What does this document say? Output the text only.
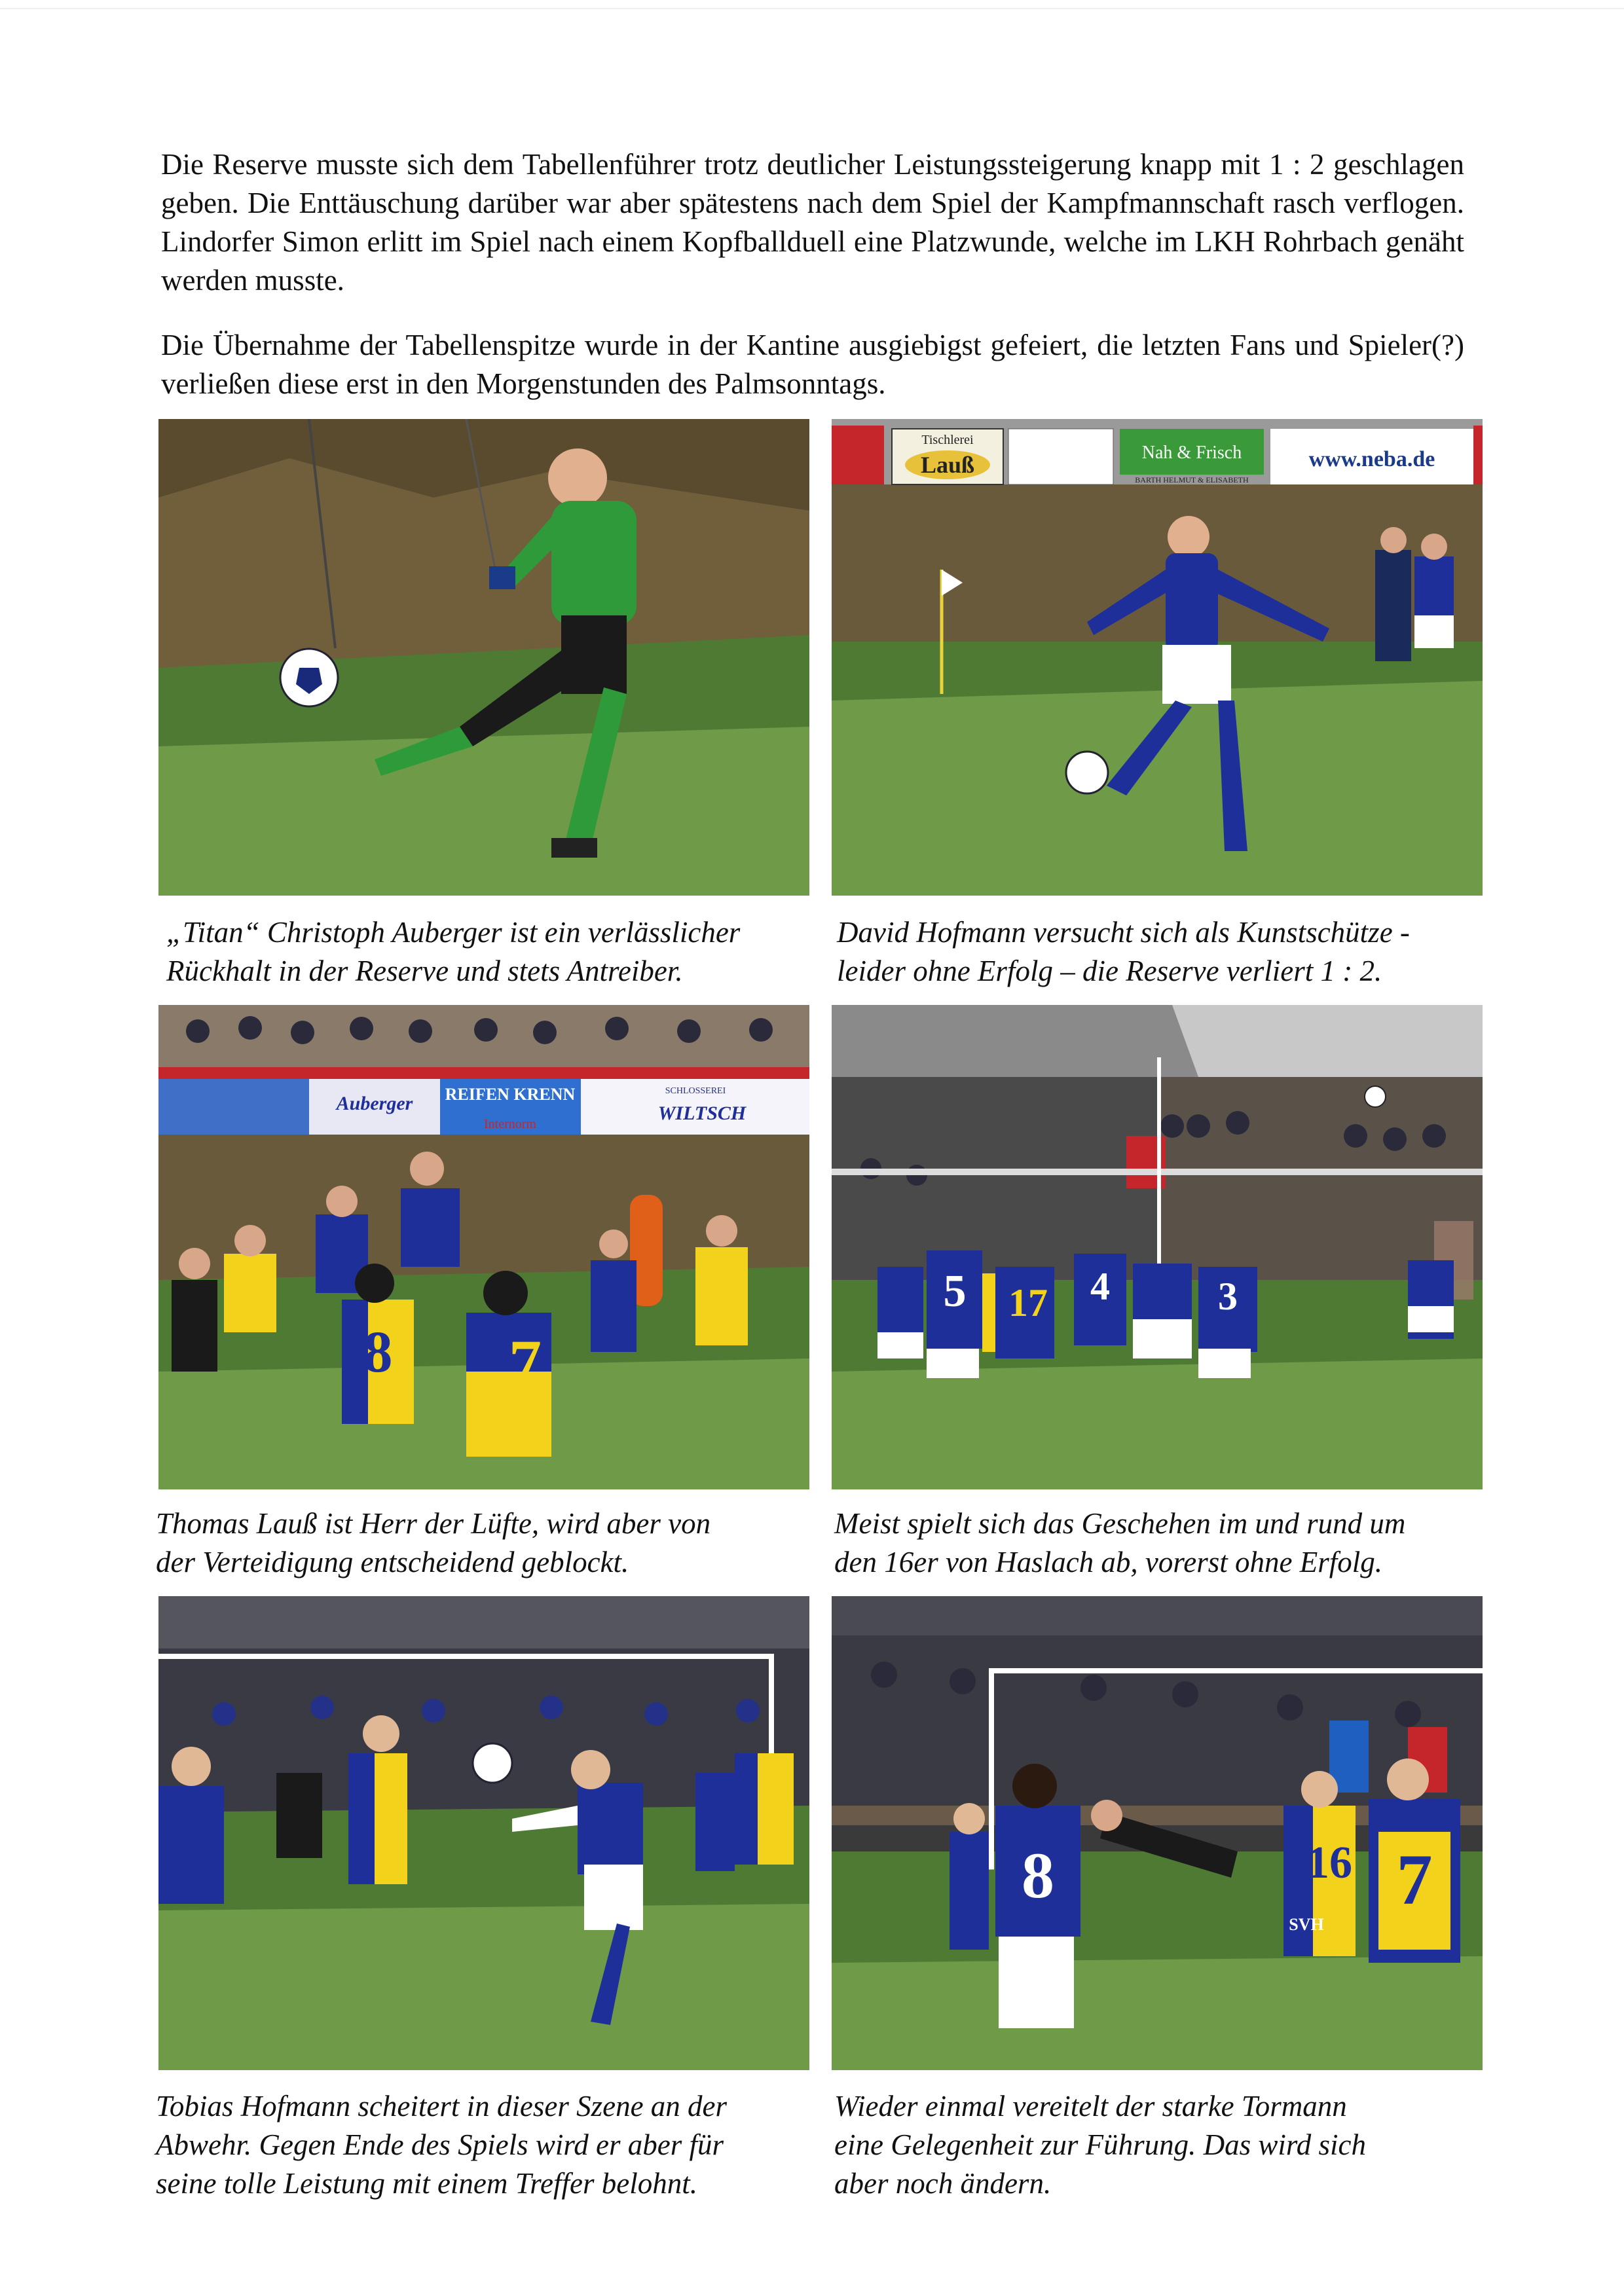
Die Reserve musste sich dem Tabellenführer trotz deutlicher Leistungssteigerung knapp mit 1 : 2 geschlagen geben. Die Enttäuschung darüber war aber spätestens nach dem Spiel der Kampfmannschaft rasch verflogen. Lindorfer Simon erlitt im Spiel nach einem Kopfballduell eine Platzwunde, welche im LKH Rohrbach genäht werden musste.

Die Übernahme der Tabellenspitze wurde in der Kantine ausgiebigst gefeiert, die letzten Fans und Spieler(?) verließen diese erst in den Morgenstunden des Palmsonntags.

„Titan“ Christoph Auberger ist ein verlässlicher
Rückhalt in der Reserve und stets Antreiber.
Tischlerei
Lauß	Nah & Frisch
BARTH HELMUT & ELISABETH
www.neba.de
David Hofmann versucht sich als Kunstschütze -
leider ohne Erfolg – die Reserve verliert 1 : 2.
Auberger REIFEN KRENN
Internorm
SCHLOSSEREI
WILTSCH
8 7
Thomas Lauß ist Herr der Lüfte, wird aber von
der Verteidigung entscheidend geblockt.
5 17 4	3
Meist spielt sich das Geschehen im und rund um
den 16er von Haslach ab, vorerst ohne Erfolg.
Tobias Hofmann scheitert in dieser Szene an der
Abwehr. Gegen Ende des Spiels wird er aber für
seine tolle Leistung mit einem Treffer belohnt.
8	16
SVH
7
Wieder einmal vereitelt der starke Tormann
eine Gelegenheit zur Führung. Das wird sich
aber noch ändern.
